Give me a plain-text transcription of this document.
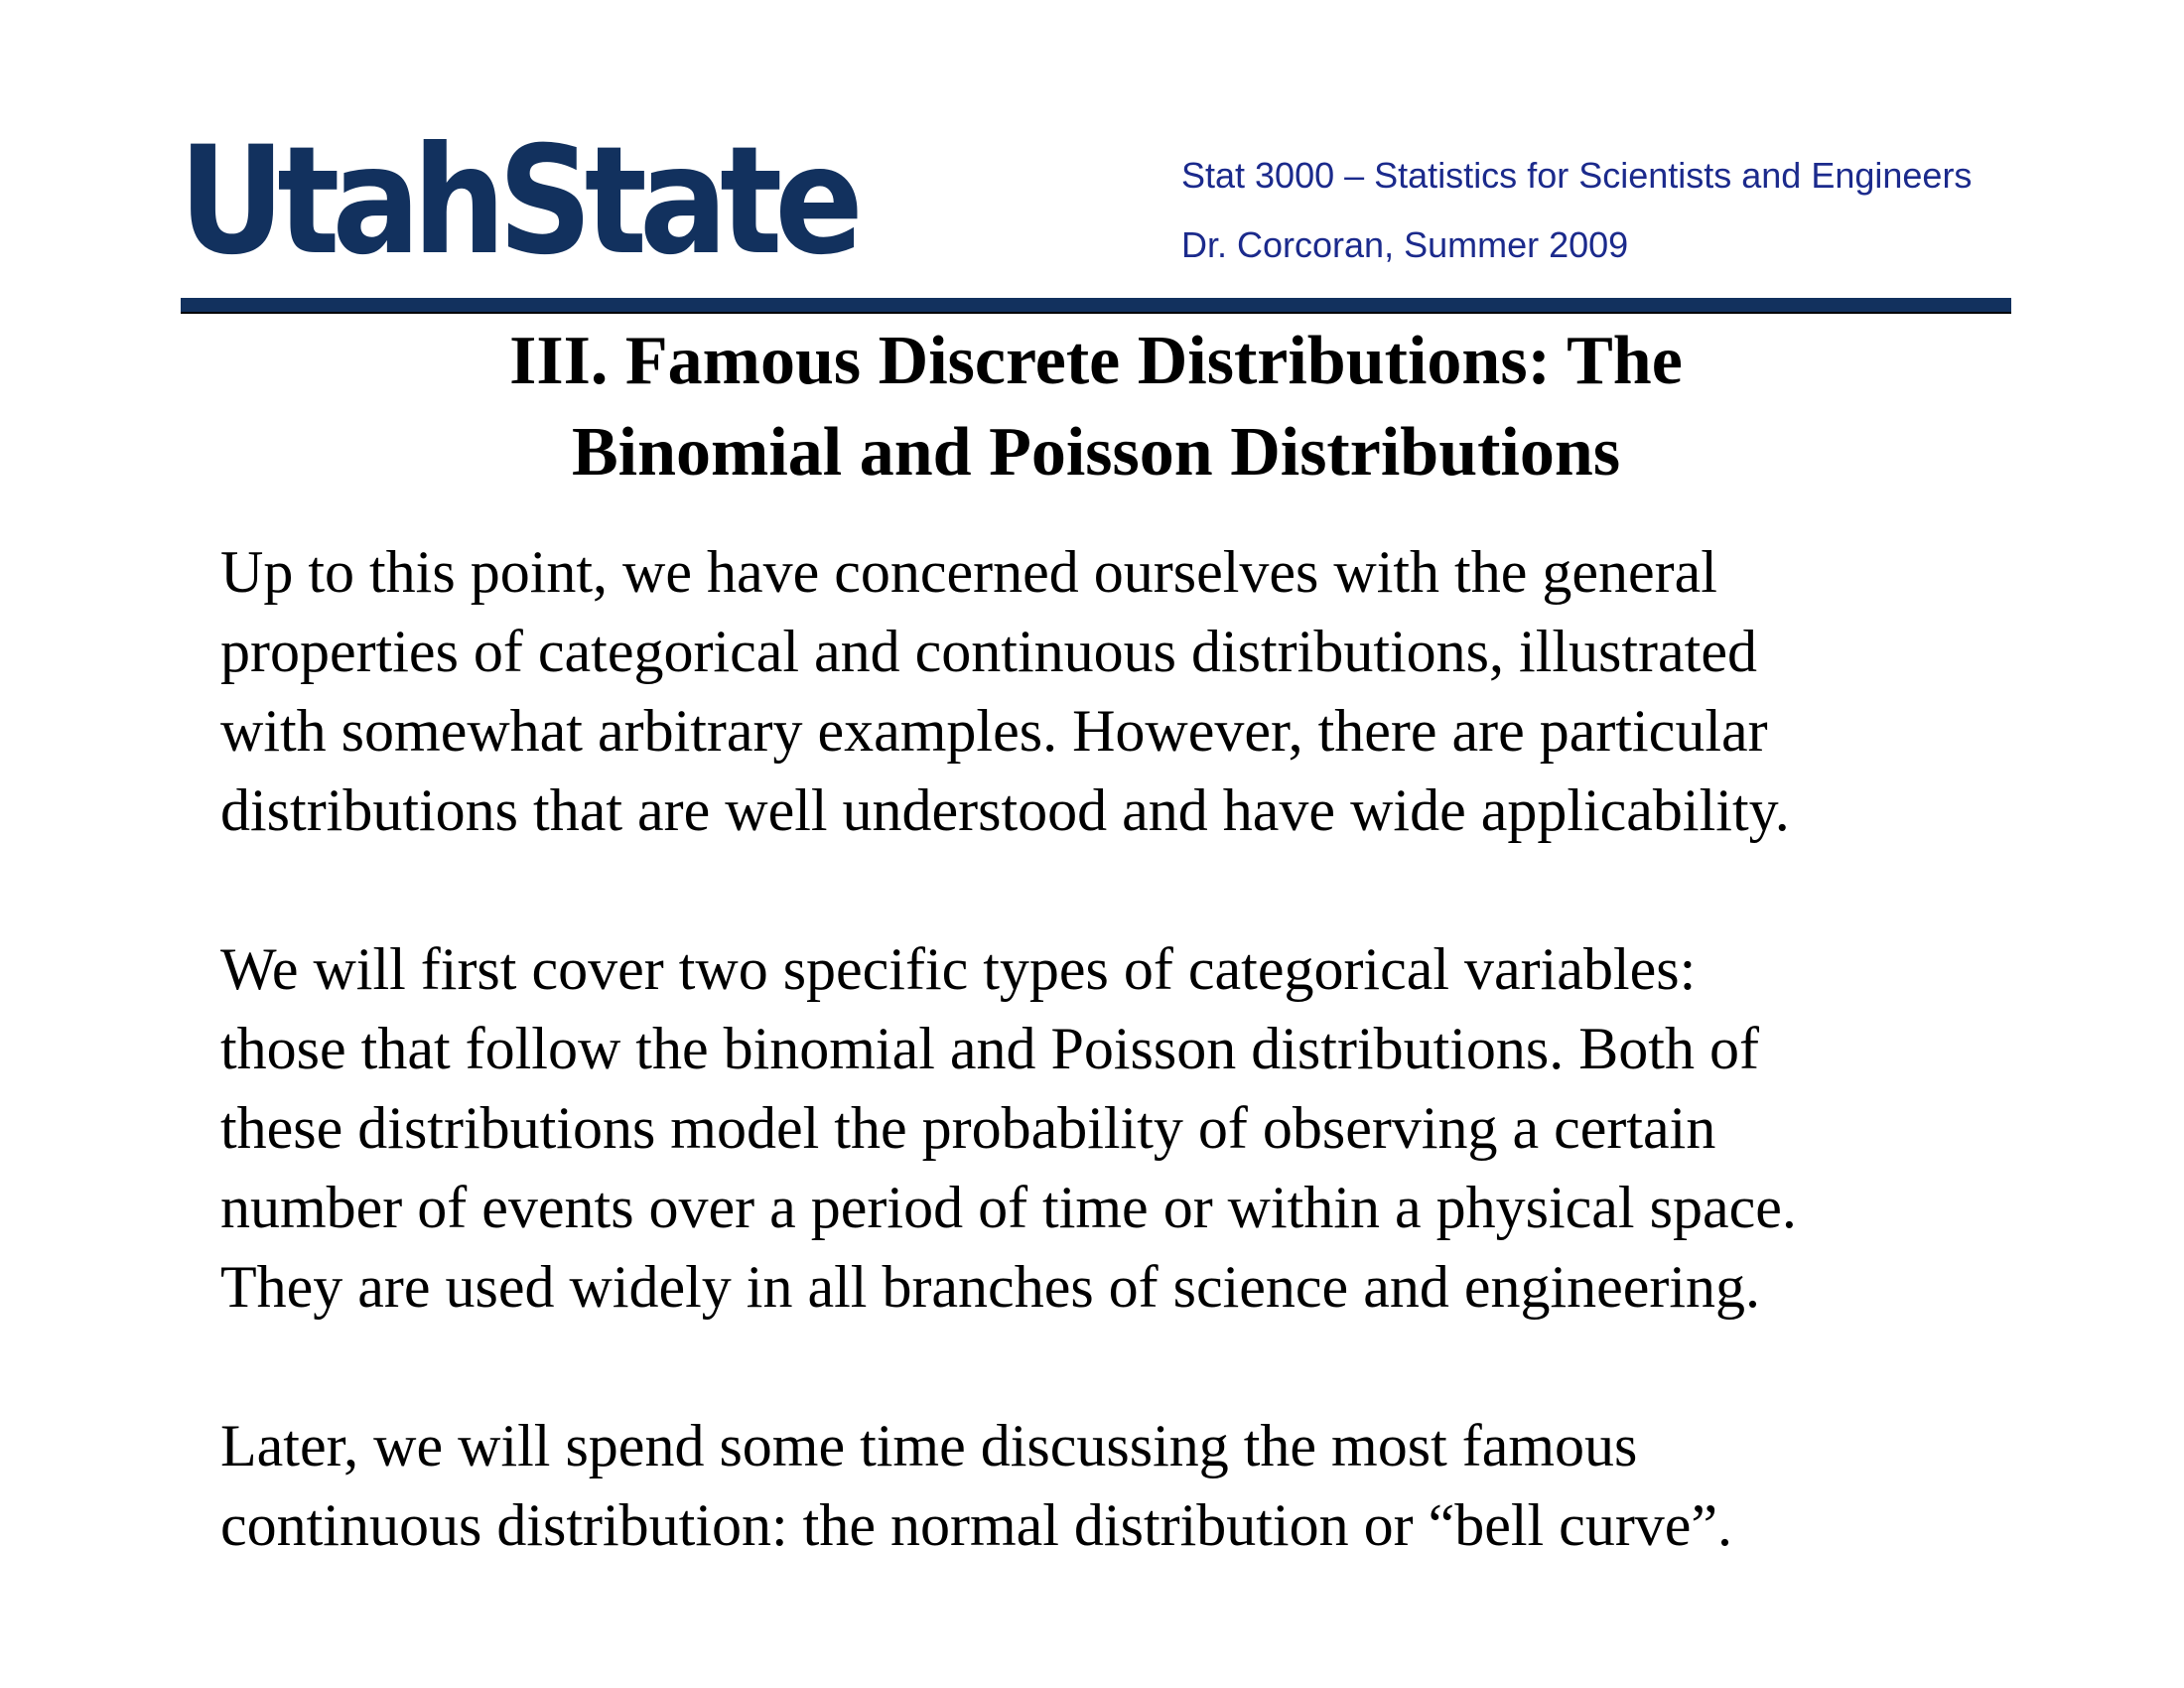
UtahState	Stat 3000 – Statistics for Scientists and Engineers
Dr. Corcoran, Summer 2009
III. Famous Discrete Distributions: The
Binomial and Poisson Distributions
Up to this point, we have concerned ourselves with the general
properties of categorical and continuous distributions, illustrated
with somewhat arbitrary examples. However, there are particular
distributions that are well understood and have wide applicability.
We will first cover two specific types of categorical variables:
those that follow the binomial and Poisson distributions. Both of
these distributions model the probability of observing a certain
number of events over a period of time or within a physical space.
They are used widely in all branches of science and engineering.
Later, we will spend some time discussing the most famous
continuous distribution: the normal distribution or “bell curve”.
